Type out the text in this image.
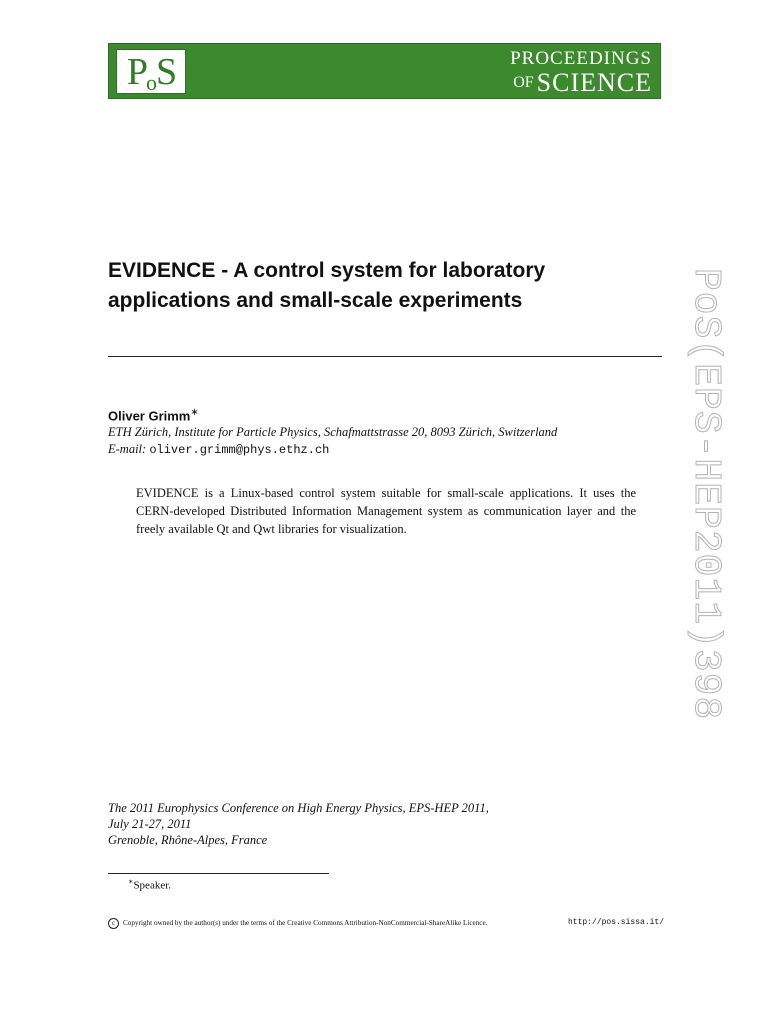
PoS	PROCEEDINGS
OF SCIENCE
PoS(EPS-HEP2011)398
EVIDENCE - A control system for laboratory applications and small-scale experiments
Oliver Grimm∗
ETH Zürich, Institute for Particle Physics, Schafmattstrasse 20, 8093 Zürich, Switzerland
E-mail: oliver.grimm@phys.ethz.ch

EVIDENCE is a Linux-based control system suitable for small-scale applications. It uses the CERN-developed Distributed Information Management system as communication layer and the freely available Qt and Qwt libraries for visualization.

The 2011 Europhysics Conference on High Energy Physics, EPS-HEP 2011,
July 21-27, 2011
Grenoble, Rhône-Alpes, France
∗Speaker.
c Copyright owned by the author(s) under the terms of the Creative Commons Attribution-NonCommercial-ShareAlike Licence.	http://pos.sissa.it/
